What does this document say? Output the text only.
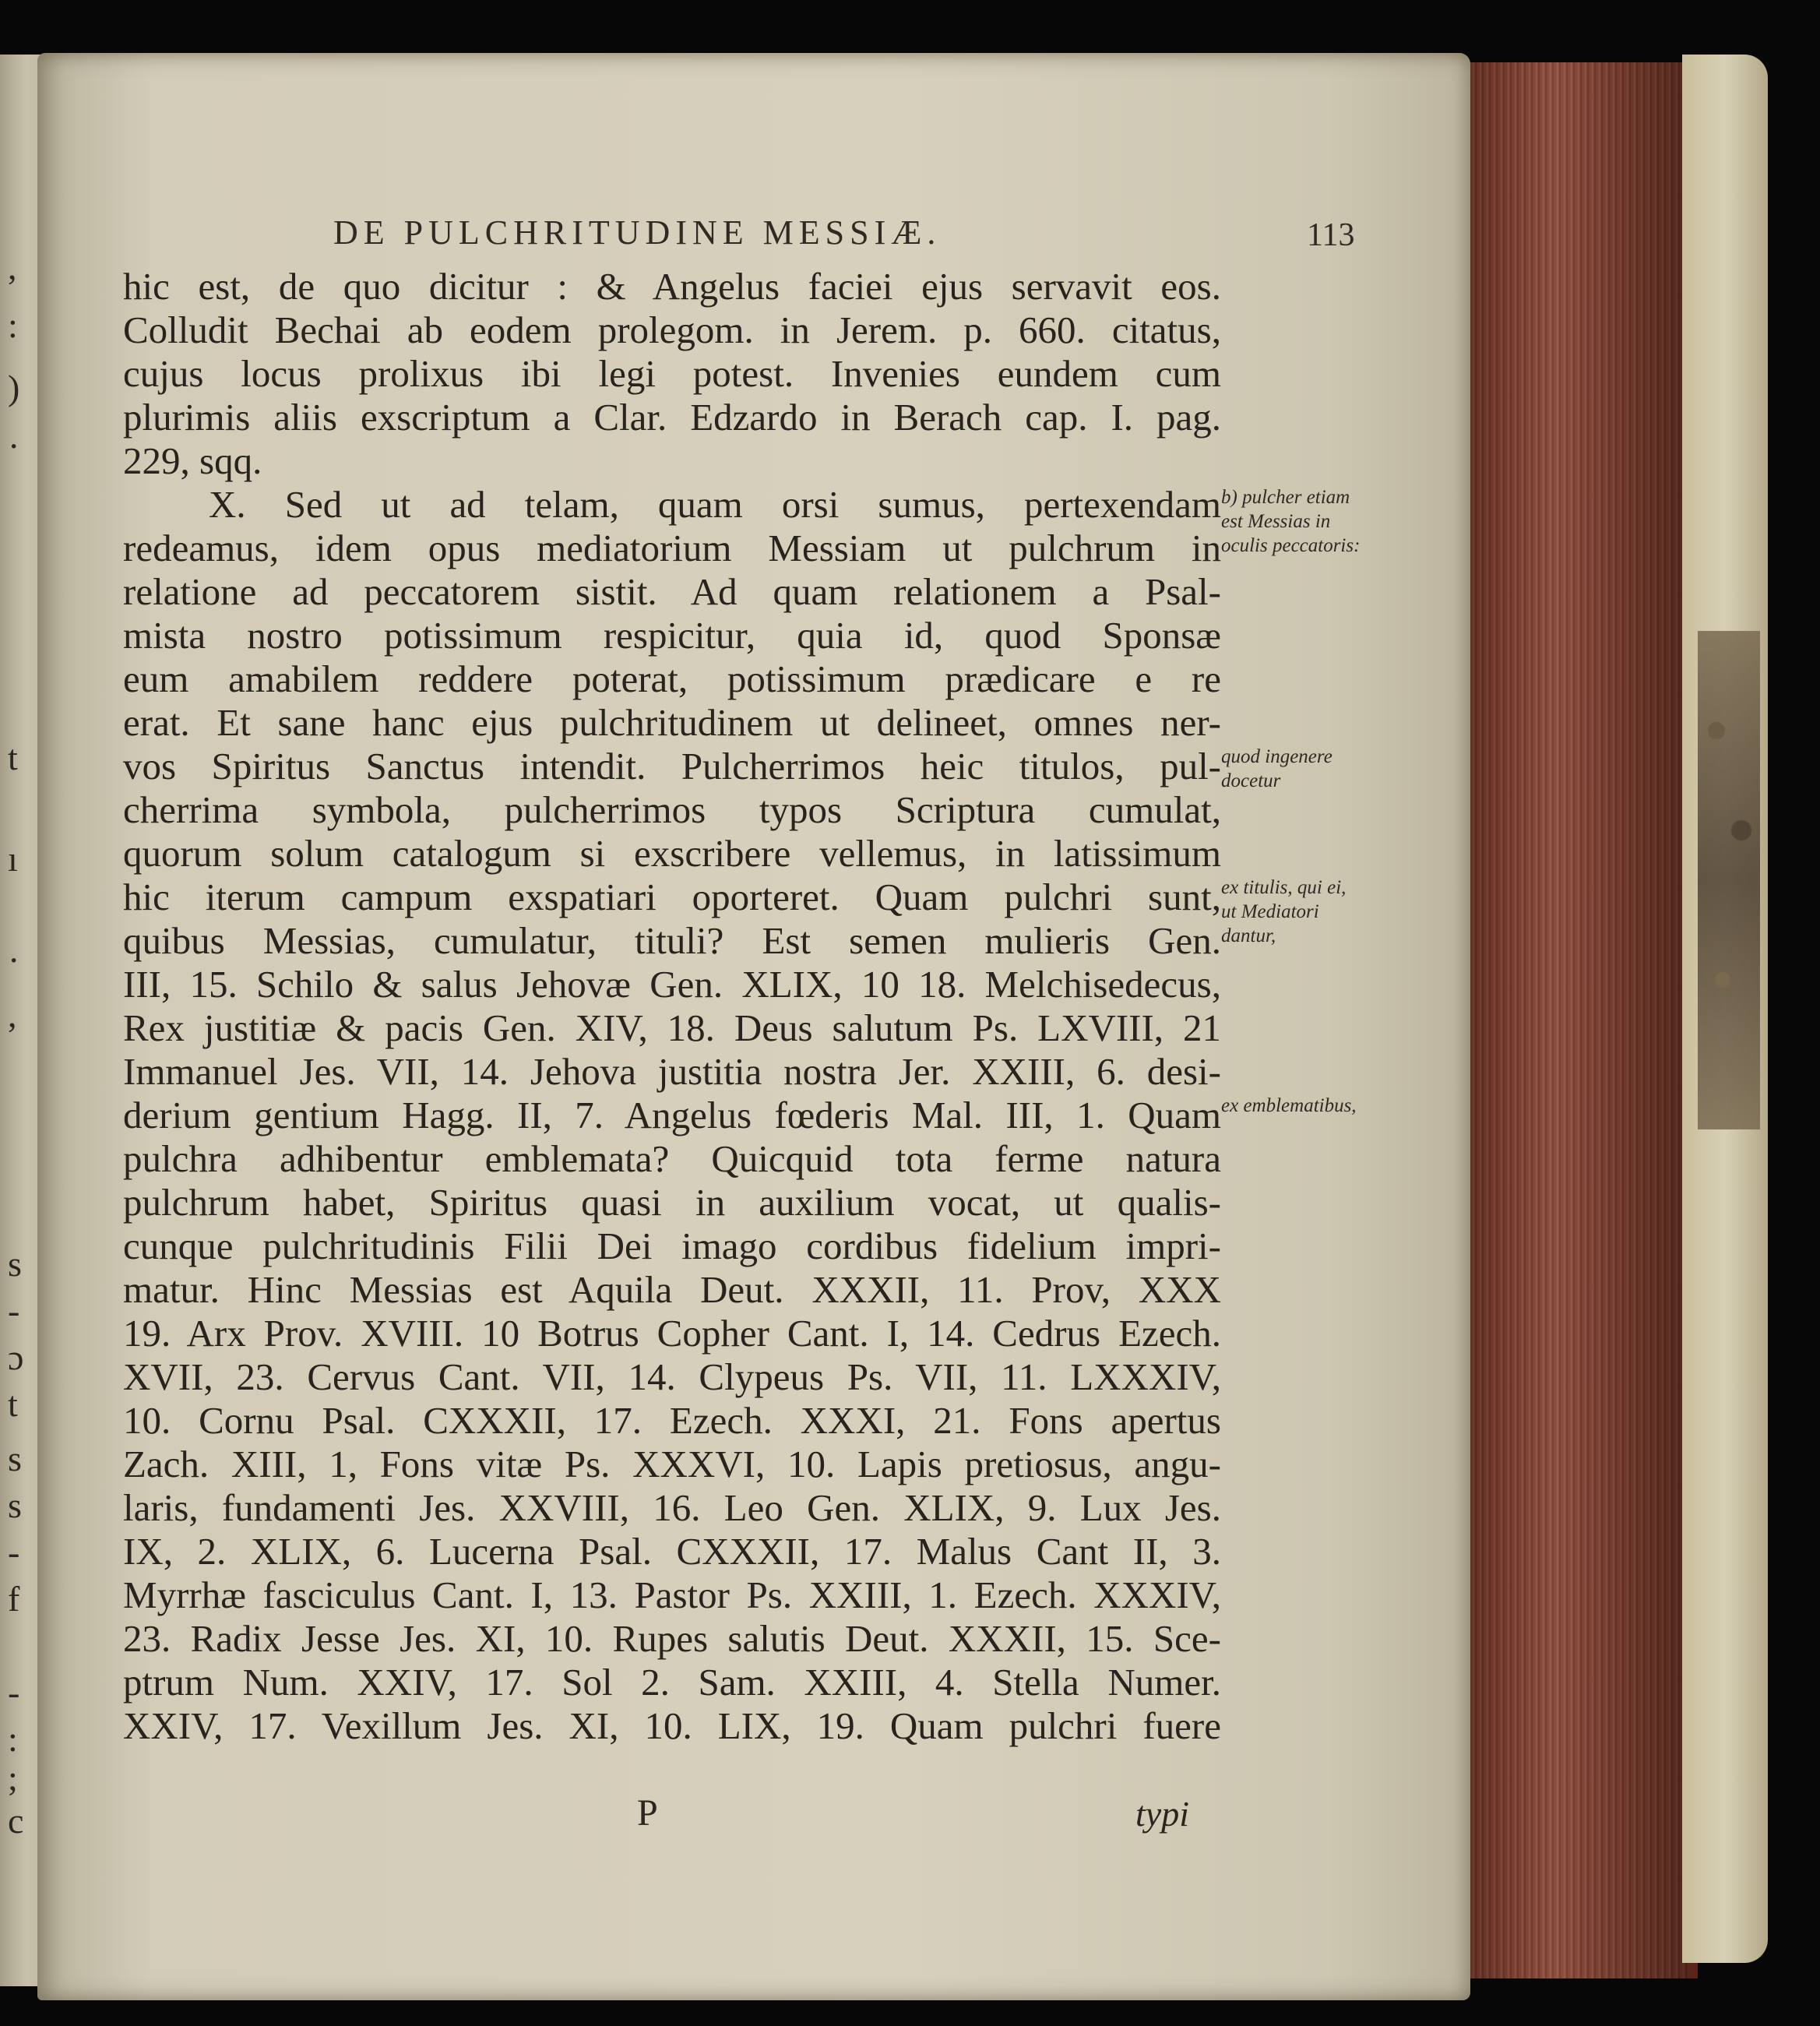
,
:
)
·
t
ı
·
,
s
-
s
ɔ
t
s
-
f
-
:
;
c
DE PULCHRITUDINE MESSIÆ.	113
hic est, de quo dicitur : & Angelus faciei ejus servavit eos.
Colludit Bechai ab eodem prolegom. in Jerem. p. 660. citatus,
cujus locus prolixus ibi legi potest. Invenies eundem cum
plurimis aliis exscriptum a Clar. Edzardo in Berach cap. I. pag.
229, sqq.
X. Sed ut ad telam, quam orsi sumus, pertexendam
redeamus, idem opus mediatorium Messiam ut pulchrum in
relatione ad peccatorem sistit. Ad quam relationem a Psal-
mista nostro potissimum respicitur, quia id, quod Sponsæ
eum amabilem reddere poterat, potissimum prædicare e re
erat. Et sane hanc ejus pulchritudinem ut delineet, omnes ner-
vos Spiritus Sanctus intendit. Pulcherrimos heic titulos, pul-
cherrima symbola, pulcherrimos typos Scriptura cumulat,
quorum solum catalogum si exscribere vellemus, in latissimum
hic iterum campum exspatiari oporteret. Quam pulchri sunt,
quibus Messias, cumulatur, tituli? Est semen mulieris Gen.
III, 15. Schilo & salus Jehovæ Gen. XLIX, 10 18. Melchisedecus,
Rex justitiæ & pacis Gen. XIV, 18. Deus salutum Ps. LXVIII, 21
Immanuel Jes. VII, 14. Jehova justitia nostra Jer. XXIII, 6. desi-
derium gentium Hagg. II, 7. Angelus fœderis Mal. III, 1. Quam
pulchra adhibentur emblemata? Quicquid tota ferme natura
pulchrum habet, Spiritus quasi in auxilium vocat, ut qualis-
cunque pulchritudinis Filii Dei imago cordibus fidelium impri-
matur. Hinc Messias est Aquila Deut. XXXII, 11. Prov, XXX
19. Arx Prov. XVIII. 10 Botrus Copher Cant. I, 14. Cedrus Ezech.
XVII, 23. Cervus Cant. VII, 14. Clypeus Ps. VII, 11. LXXXIV,
10. Cornu Psal. CXXXII, 17. Ezech. XXXI, 21. Fons apertus
Zach. XIII, 1, Fons vitæ Ps. XXXVI, 10. Lapis pretiosus, angu-
laris, fundamenti Jes. XXVIII, 16. Leo Gen. XLIX, 9. Lux Jes.
IX, 2. XLIX, 6. Lucerna Psal. CXXXII, 17. Malus Cant II, 3.
Myrrhæ fasciculus Cant. I, 13. Pastor Ps. XXIII, 1. Ezech. XXXIV,
23. Radix Jesse Jes. XI, 10. Rupes salutis Deut. XXXII, 15. Sce-
ptrum Num. XXIV, 17. Sol 2. Sam. XXIII, 4. Stella Numer.
XXIV, 17. Vexillum Jes. XI, 10. LIX, 19. Quam pulchri fuere
b) pulcher etiam est Messias in oculis peccatoris:
quod ingenere docetur
ex titulis, qui ei, ut Mediatori dantur,
ex emblematibus,
P	typi
